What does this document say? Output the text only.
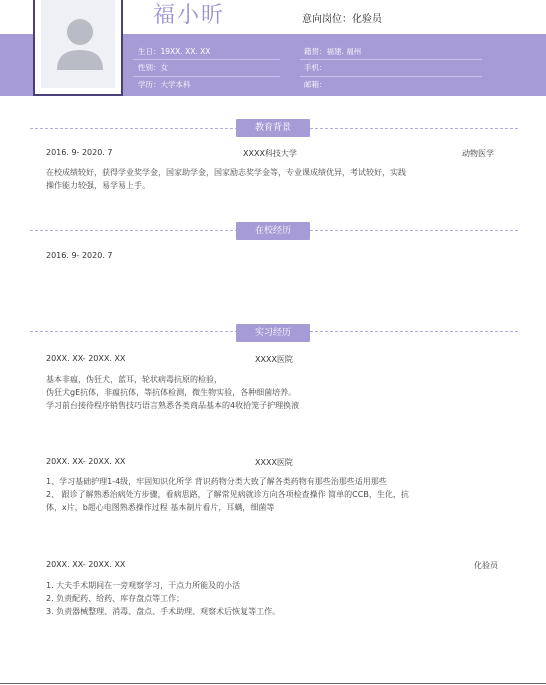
福小昕	意向岗位：化验员
生日：19XX. XX. XX
性别：女
学历：大学本科
籍贯：福建. 福州
手机：
邮箱：
教育背景
2016. 9- 2020. 7	XXXX科技大学	动物医学
在校成绩较好，获得学业奖学金，国家助学金，国家励志奖学金等，专业课成绩优异，考试较好，实践
操作能力较强，易学易上手。
在校经历
2016. 9- 2020. 7
实习经历
20XX. XX- 20XX. XX	XXXX医院
基本非瘟，伪狂犬，蓝耳，轮状病毒抗原的检验，
伪狂犬gE抗体，非瘟抗体，等抗体检测，微生物实验，各种细菌培养。
学习前台接待程序销售技巧语言熟悉各类商品基本的4收拾笼子护理换液
20XX. XX- 20XX. XX	XXXX医院
1、学习基础护理1-4级，牢固知识化所学 背识药物分类大致了解各类药物有那些治那些适用那些
2、 跟诊了解熟悉治病处方步骤，看病思路，了解常见病就诊方向各项检查操作 简单的CCB，生化，抗
体，x片，b超心电图熟悉操作过程 基本制片看片，耳螨，细菌等
20XX. XX- 20XX. XX	化验员
1. 大夫手术期间在一旁观察学习，干点力所能及的小活
2. 负责配药、给药、库存盘点等工作；
3. 负责器械整理、消毒、盘点、手术助理、观察术后恢复等工作。
